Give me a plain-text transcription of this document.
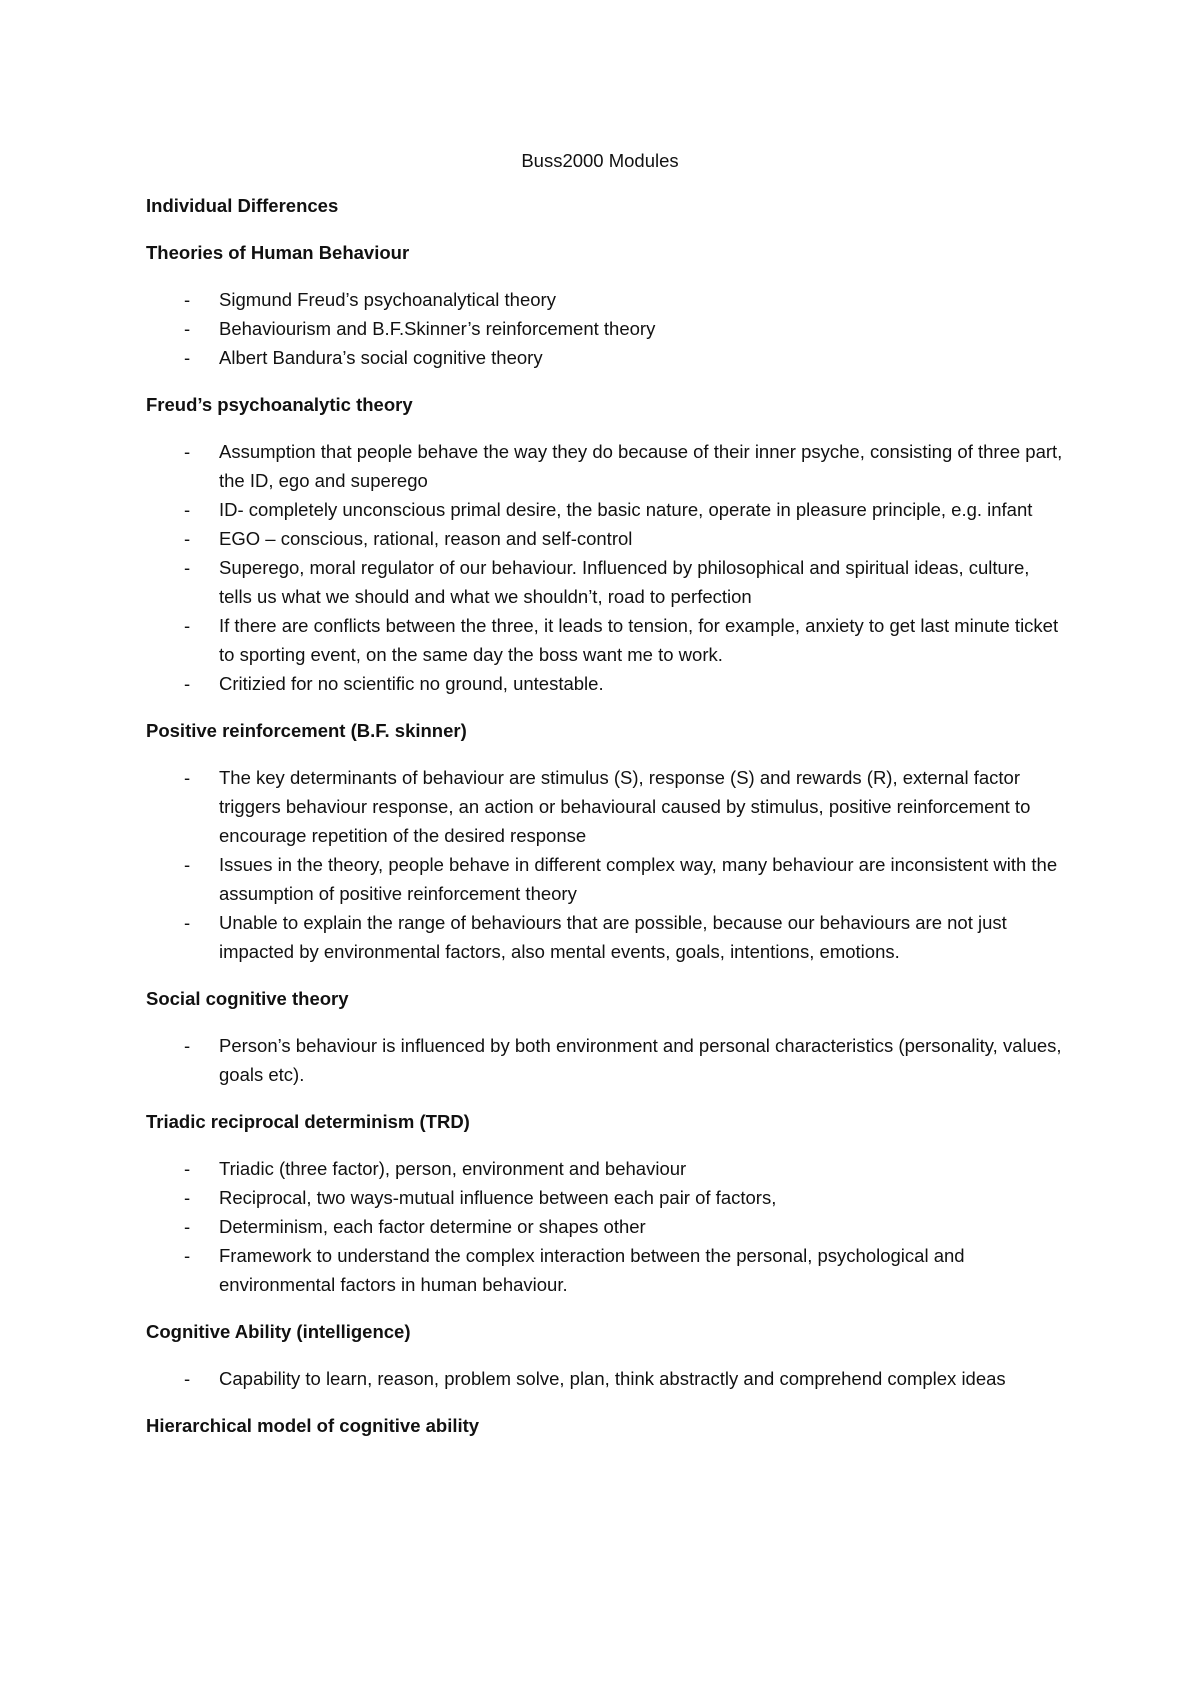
Buss2000 Modules
Individual Differences
Theories of Human Behaviour
- Sigmund Freud’s psychoanalytical theory
- Behaviourism and B.F.Skinner’s reinforcement theory
- Albert Bandura’s social cognitive theory
Freud’s psychoanalytic theory
- Assumption that people behave the way they do because of their inner psyche, consisting of three part, the ID, ego and superego
- ID- completely unconscious primal desire, the basic nature, operate in pleasure principle, e.g. infant
- EGO – conscious, rational, reason and self-control
- Superego, moral regulator of our behaviour. Influenced by philosophical and spiritual ideas, culture, tells us what we should and what we shouldn’t, road to perfection
- If there are conflicts between the three, it leads to tension, for example, anxiety to get last minute ticket to sporting event, on the same day the boss want me to work.
- Critizied for no scientific no ground, untestable.
Positive reinforcement (B.F. skinner)
- The key determinants of behaviour are stimulus (S), response (S) and rewards (R), external factor triggers behaviour response, an action or behavioural caused by stimulus, positive reinforcement to encourage repetition of the desired response
- Issues in the theory, people behave in different complex way, many behaviour are inconsistent with the assumption of positive reinforcement theory
- Unable to explain the range of behaviours that are possible, because our behaviours are not just impacted by environmental factors, also mental events, goals, intentions, emotions.
Social cognitive theory
- Person’s behaviour is influenced by both environment and personal characteristics (personality, values, goals etc).
Triadic reciprocal determinism (TRD)
- Triadic (three factor), person, environment and behaviour
- Reciprocal, two ways-mutual influence between each pair of factors,
- Determinism, each factor determine or shapes other
- Framework to understand the complex interaction between the personal, psychological and environmental factors in human behaviour.
Cognitive Ability (intelligence)
- Capability to learn, reason, problem solve, plan, think abstractly and comprehend complex ideas
Hierarchical model of cognitive ability
